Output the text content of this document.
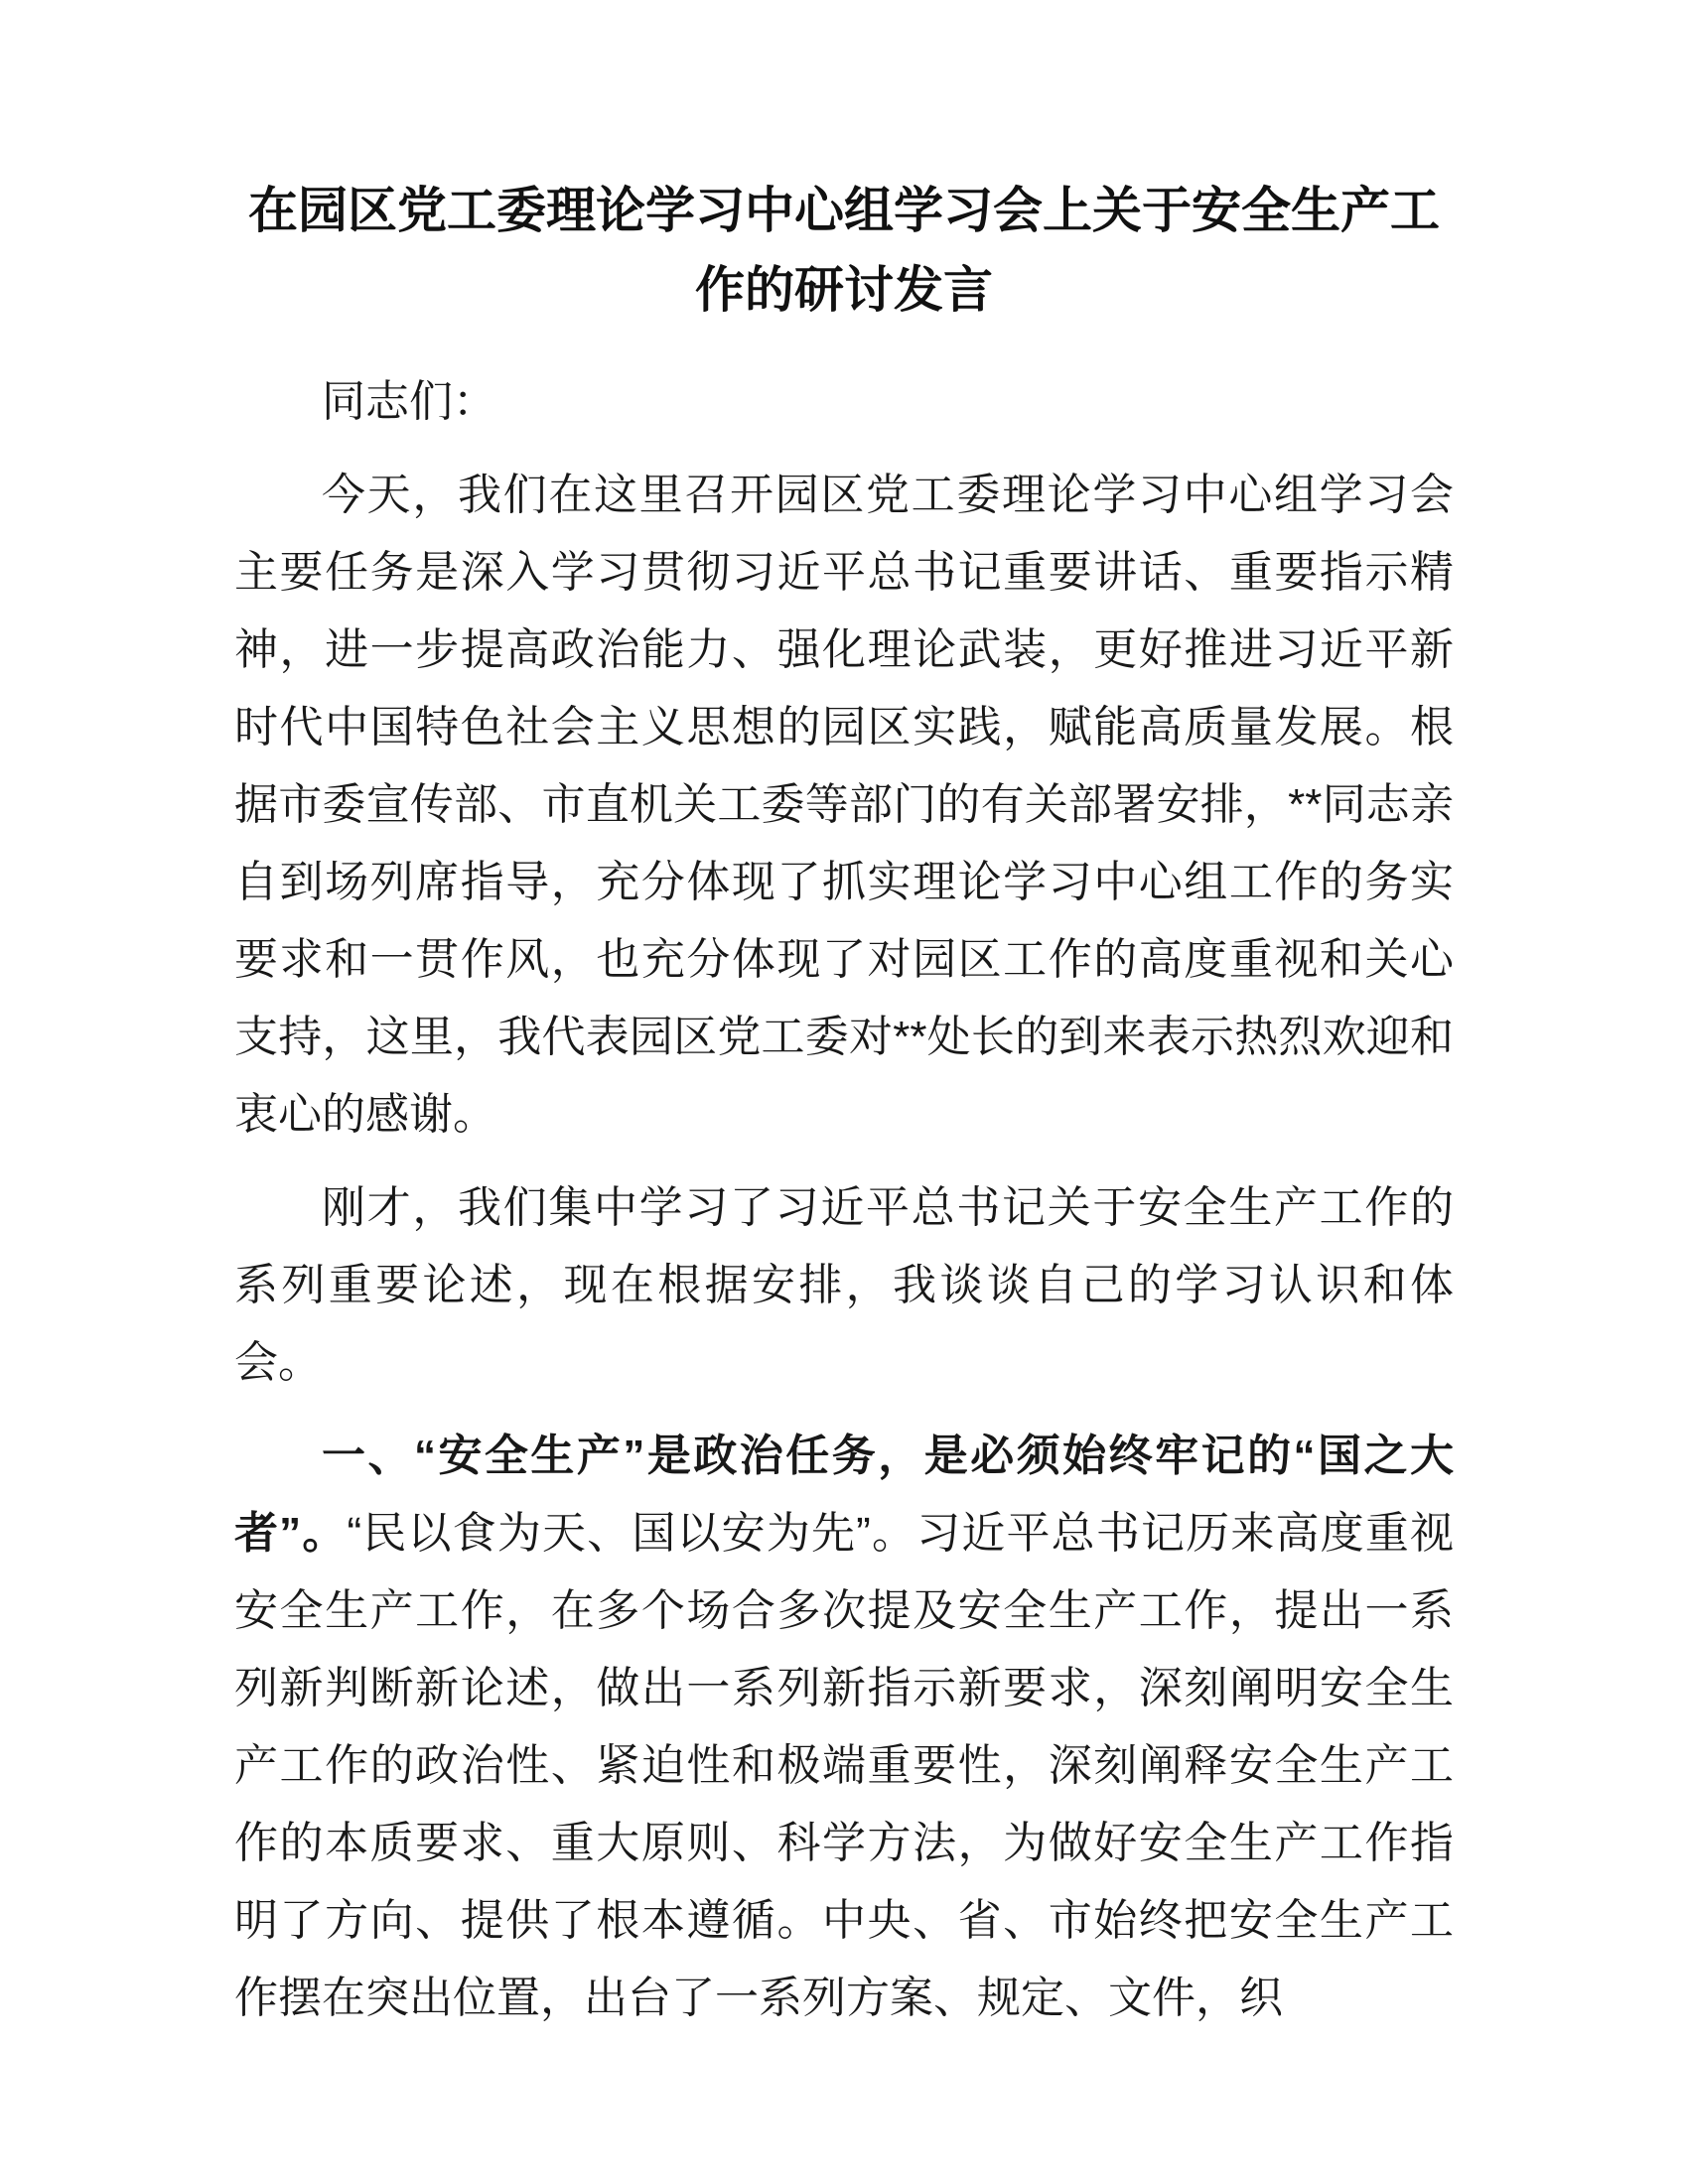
在园区党工委理论学习中心组学习会上关于安全生产工作的研讨发言

同志们：

今天，我们在这里召开园区党工委理论学习中心组学习会主要任务是深入学习贯彻习近平总书记重要讲话、重要指示精神，进一步提高政治能力、强化理论武装，更好推进习近平新时代中国特色社会主义思想的园区实践，赋能高质量发展。根据市委宣传部、市直机关工委等部门的有关部署安排，**同志亲自到场列席指导，充分体现了抓实理论学习中心组工作的务实要求和一贯作风，也充分体现了对园区工作的高度重视和关心支持，这里，我代表园区党工委对**处长的到来表示热烈欢迎和衷心的感谢。

刚才，我们集中学习了习近平总书记关于安全生产工作的系列重要论述，现在根据安排，我谈谈自己的学习认识和体会。

一、“安全生产”是政治任务，是必须始终牢记的“国之大者”。“民以食为天、国以安为先”。习近平总书记历来高度重视安全生产工作，在多个场合多次提及安全生产工作，提出一系列新判断新论述，做出一系列新指示新要求，深刻阐明安全生产工作的政治性、紧迫性和极端重要性，深刻阐释安全生产工作的本质要求、重大原则、科学方法，为做好安全生产工作指明了方向、提供了根本遵循。中央、省、市始终把安全生产工作摆在突出位置，出台了一系列方案、规定、文件，织
